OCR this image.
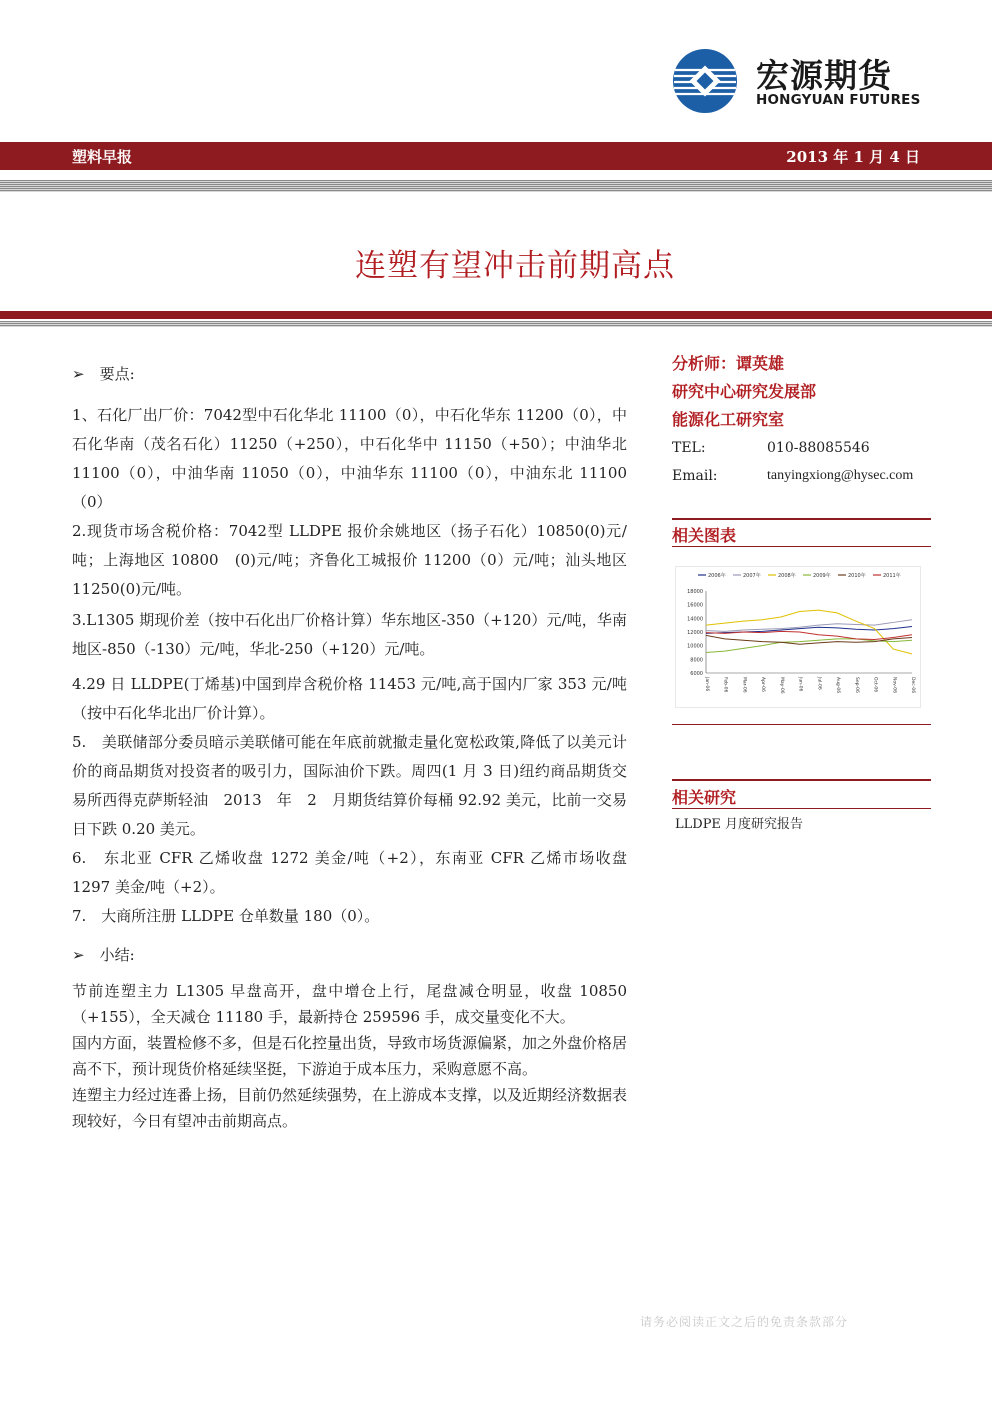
宏源期货
HONGYUAN FUTURES
塑料早报	2013 年 1 月 4 日
连塑有望冲击前期高点

➢　要点:

1、石化厂出厂价：7042型中石化华北 11100（0），中石化华东 11200（0），中石化华南（茂名石化）11250（+250），中石化华中 11150（+50）；中油华北 11100（0），中油华南 11050（0），中油华东 11100（0），中油东北 11100（0）

2.现货市场含税价格：7042型 LLDPE 报价余姚地区（扬子石化）10850(0)元/吨；上海地区 10800　(0)元/吨；齐鲁化工城报价 11200（0）元/吨；汕头地区 11250(0)元/吨。

3.L1305 期现价差（按中石化出厂价格计算）华东地区-350（+120）元/吨，华南地区-850（-130）元/吨，华北-250（+120）元/吨。

4.29 日 LLDPE(丁烯基)中国到岸含税价格 11453 元/吨,高于国内厂家 353 元/吨（按中石化华北出厂价计算）。

5.　美联储部分委员暗示美联储可能在年底前就撤走量化宽松政策,降低了以美元计价的商品期货对投资者的吸引力，国际油价下跌。周四(1 月 3 日)纽约商品期货交易所西得克萨斯轻油　2013　年　2　月期货结算价每桶 92.92 美元，比前一交易日下跌 0.20 美元。

6.　东北亚 CFR 乙烯收盘 1272 美金/吨（+2），东南亚 CFR 乙烯市场收盘 1297 美金/吨（+2）。

7.　大商所注册 LLDPE 仓单数量 180（0）。

➢　小结:

节前连塑主力 L1305 早盘高开，盘中增仓上行，尾盘减仓明显，收盘 10850（+155），全天减仓 11180 手，最新持仓 259596 手，成交量变化不大。

国内方面，装置检修不多，但是石化控量出货，导致市场货源偏紧，加之外盘价格居高不下，预计现货价格延续坚挺，下游迫于成本压力，采购意愿不高。

连塑主力经过连番上扬，目前仍然延续强势，在上游成本支撑，以及近期经济数据表现较好，今日有望冲击前期高点。

分析师：谭英雄
研究中心研究发展部
能源化工研究室
TEL:	010-88085546
Email:	tanyingxiong@hysec.com
相关图表
18000
16000
14000
12000
10000
8000
6000
Jan-06	Feb-06	Mar-06	Apr-06	May-06	Jun-06	Jul-06	Aug-06	Sep-06	Oct-06	Nov-06	Dec-06
2006年	2007年	2008年	2009年	2010年	2011年
相关研究
LLDPE 月度研究报告
请务必阅读正文之后的免责条款部分
